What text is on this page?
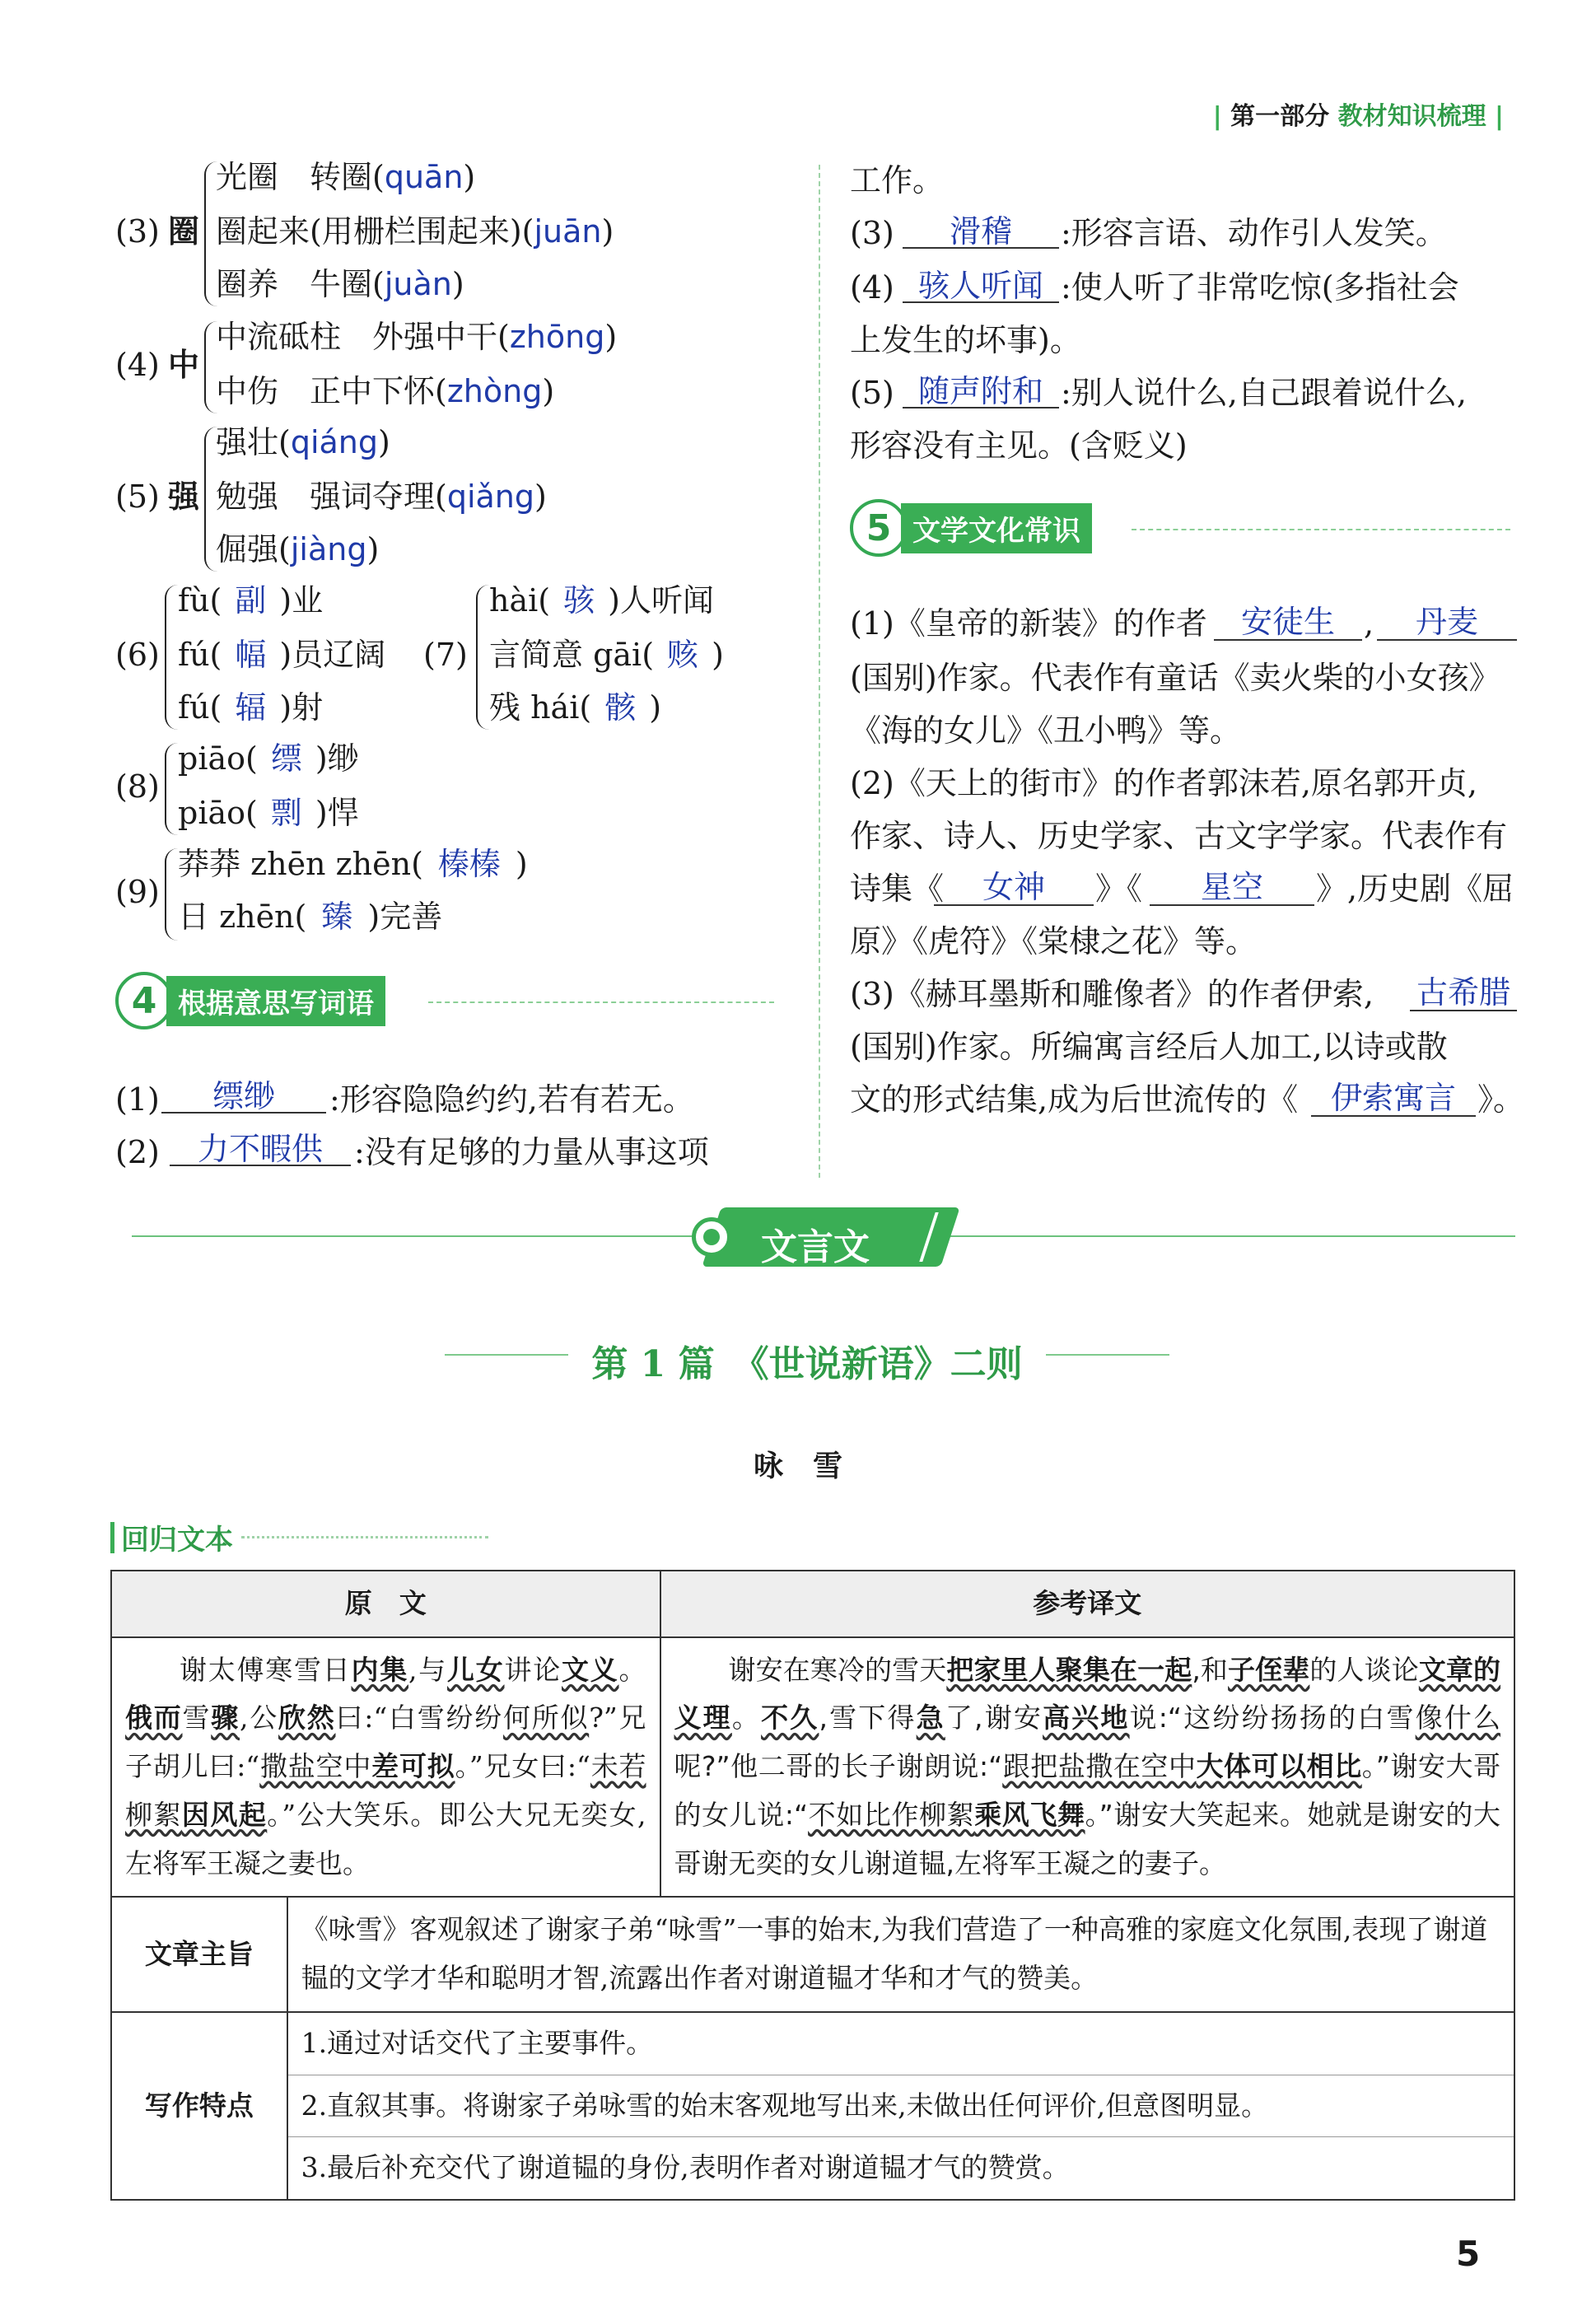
| 第一部分 教材知识梳理 |
(3) 圈
光圈　转圈(quān)
圈起来(用栅栏围起来)(juān)
圈养　牛圈(juàn)
(4) 中
中流砥柱　外强中干(zhōng)
中伤　正中下怀(zhòng)
(5) 强
强壮(qiáng)
勉强　强词夺理(qiǎng)
倔强(jiàng)
(6)
fù( 副 )业
fú( 幅 )员辽阔
fú( 辐 )射
(7)
hài( 骇 )人听闻
言简意 gāi( 赅 )
残 hái( 骸 )
(8)
piāo( 缥 )缈
piāo( 剽 )悍
(9)
莽莽 zhēn zhēn( 榛榛 )
日 zhēn( 臻 )完善
4 根据意思写词语
(1)	缥缈	:形容隐隐约约,若有若无。
(2)	力不暇供	:没有足够的力量从事这项
工作。
(3)	滑稽	:形容言语、动作引人发笑。
(4) 骇人听闻 :使人听了非常吃惊(多指社会
上发生的坏事)。
(5) 随声附和 :别人说什么,自己跟着说什么,
形容没有主见。(含贬义)
5 文学文化常识
(1)《皇帝的新装》的作者	安徒生 ,	丹麦
(国别)作家。代表作有童话《卖火柴的小女孩》
《海的女儿》《丑小鸭》等。
(2)《天上的街市》的作者郭沫若,原名郭开贞,
作家、诗人、历史学家、古文字学家。代表作有
诗集《	女神	》《	星空	》,历史剧《屈
原》《虎符》《棠棣之花》等。
(3)《赫耳墨斯和雕像者》的作者伊索, 古希腊
(国别)作家。所编寓言经后人加工,以诗或散
文的形式结集,成为后世流传的《	伊索寓言 》。
文言文
第 1 篇　《世说新语》二则
咏　雪
回归文本
原　文		参考译文
谢太傅寒雪日内集,与儿女讲论文义。俄而雪骤,公欣然曰:“白雪纷纷何所似?”兄子胡儿曰:“撒盐空中差可拟。”兄女曰:“未若柳絮因风起。”公大笑乐。即公大兄无奕女,左将军王凝之妻也。		谢安在寒冷的雪天把家里人聚集在一起,和子侄辈的人谈论文章的义理。不久,雪下得急了,谢安高兴地说:“这纷纷扬扬的白雪像什么呢?”他二哥的长子谢朗说:“跟把盐撒在空中大体可以相比。”谢安大哥的女儿说:“不如比作柳絮乘风飞舞。”谢安大笑起来。她就是谢安的大哥谢无奕的女儿谢道韫,左将军王凝之的妻子。
文章主旨	《咏雪》客观叙述了谢家子弟“咏雪”一事的始末,为我们营造了一种高雅的家庭文化氛围,表现了谢道韫的文学才华和聪明才智,流露出作者对谢道韫才华和才气的赞美。	
写作特点	1.通过对话交代了主要事件。
2.直叙其事。将谢家子弟咏雪的始末客观地写出来,未做出任何评价,但意图明显。
3.最后补充交代了谢道韫的身份,表明作者对谢道韫才气的赞赏。	
5
